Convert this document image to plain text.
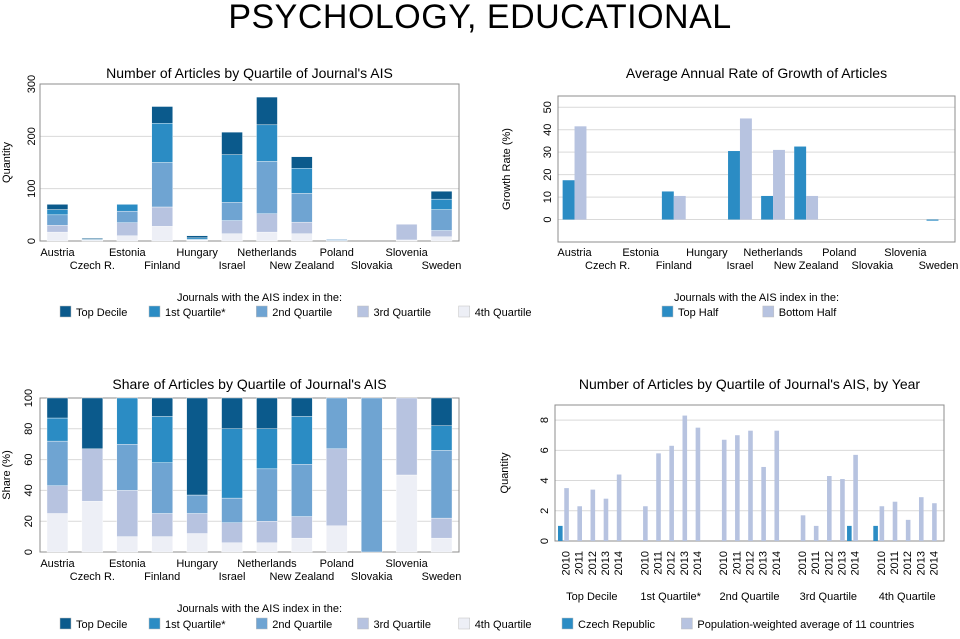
PSYCHOLOGY, EDUCATIONAL
Number of Articles by Quartile of Journal's AIS
0
100
200
300
Quantity
Austria
Czech R.
Estonia
Finland
Hungary
Israel
Netherlands
New Zealand
Poland
Slovakia
Slovenia
Sweden
Journals with the AIS index in the:
Top Decile	1st Quartile*	2nd Quartile	3rd Quartile	4th Quartile
Share of Articles by Quartile of Journal's AIS
0
20
40
60
80
100
Share (%)
Austria
Czech R.
Estonia
Finland
Hungary
Israel
Netherlands
New Zealand
Poland
Slovakia
Slovenia
Sweden
Journals with the AIS index in the:
Top Decile	1st Quartile*	2nd Quartile	3rd Quartile	4th Quartile
Average Annual Rate of Growth of Articles
0
10
20
30
40
50
Growth Rate (%)
Austria
Czech R.
Estonia
Finland
Hungary
Israel
Netherlands
New Zealand
Poland
Slovakia
Slovenia
Sweden
Journals with the AIS index in the:
Top Half	Bottom Half
Number of Articles by Quartile of Journal's AIS, by Year
0
2
4
6
8
Quantity
2010 2011 2012 2013 2014
Top Decile
2010 2011 2012 2013 2014
1st Quartile*
2010 2011 2012 2013 2014
2nd Quartile
2010 2011 2012 2013 2014
3rd Quartile
2010 2011 2012 2013 2014
4th Quartile
Czech Republic	Population-weighted average of 11 countries
